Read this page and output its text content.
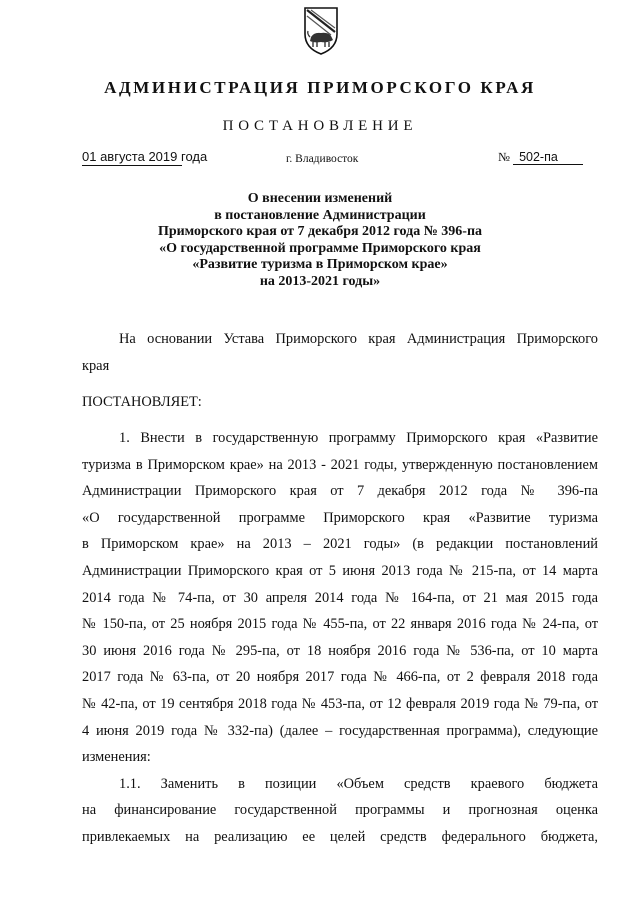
АДМИНИСТРАЦИЯ ПРИМОРСКОГО КРАЯ
ПОСТАНОВЛЕНИЕ
01 августа 2019 года	г. Владивосток	№ 502-па
О внесении изменений
в постановление Администрации
Приморского края от 7 декабря 2012 года № 396-па
«О государственной программе Приморского края
«Развитие туризма в Приморском крае»
на 2013-2021 годы»
На основании Устава Приморского края Администрация Приморского
края
ПОСТАНОВЛЯЕТ:
1. Внести в государственную программу Приморского края «Развитие
туризма в Приморском крае» на 2013 - 2021 годы, утвержденную постановлением
Администрации Приморского края от 7 декабря 2012 года № 396-па
«О государственной программе Приморского края «Развитие туризма
в Приморском крае» на 2013 – 2021 годы» (в редакции постановлений
Администрации Приморского края от 5 июня 2013 года № 215-па, от 14 марта
2014 года № 74-па, от 30 апреля 2014 года № 164-па, от 21 мая 2015 года
№ 150-па, от 25 ноября 2015 года № 455-па, от 22 января 2016 года № 24-па, от
30 июня 2016 года № 295-па, от 18 ноября 2016 года № 536-па, от 10 марта
2017 года № 63-па, от 20 ноября 2017 года № 466-па, от 2 февраля 2018 года
№ 42-па, от 19 сентября 2018 года № 453-па, от 12 февраля 2019 года № 79-па, от
4 июня 2019 года № 332-па) (далее – государственная программа), следующие
изменения:
1.1. Заменить в позиции «Объем средств краевого бюджета
на финансирование государственной программы и прогнозная оценка
привлекаемых на реализацию ее целей средств федерального бюджета,
